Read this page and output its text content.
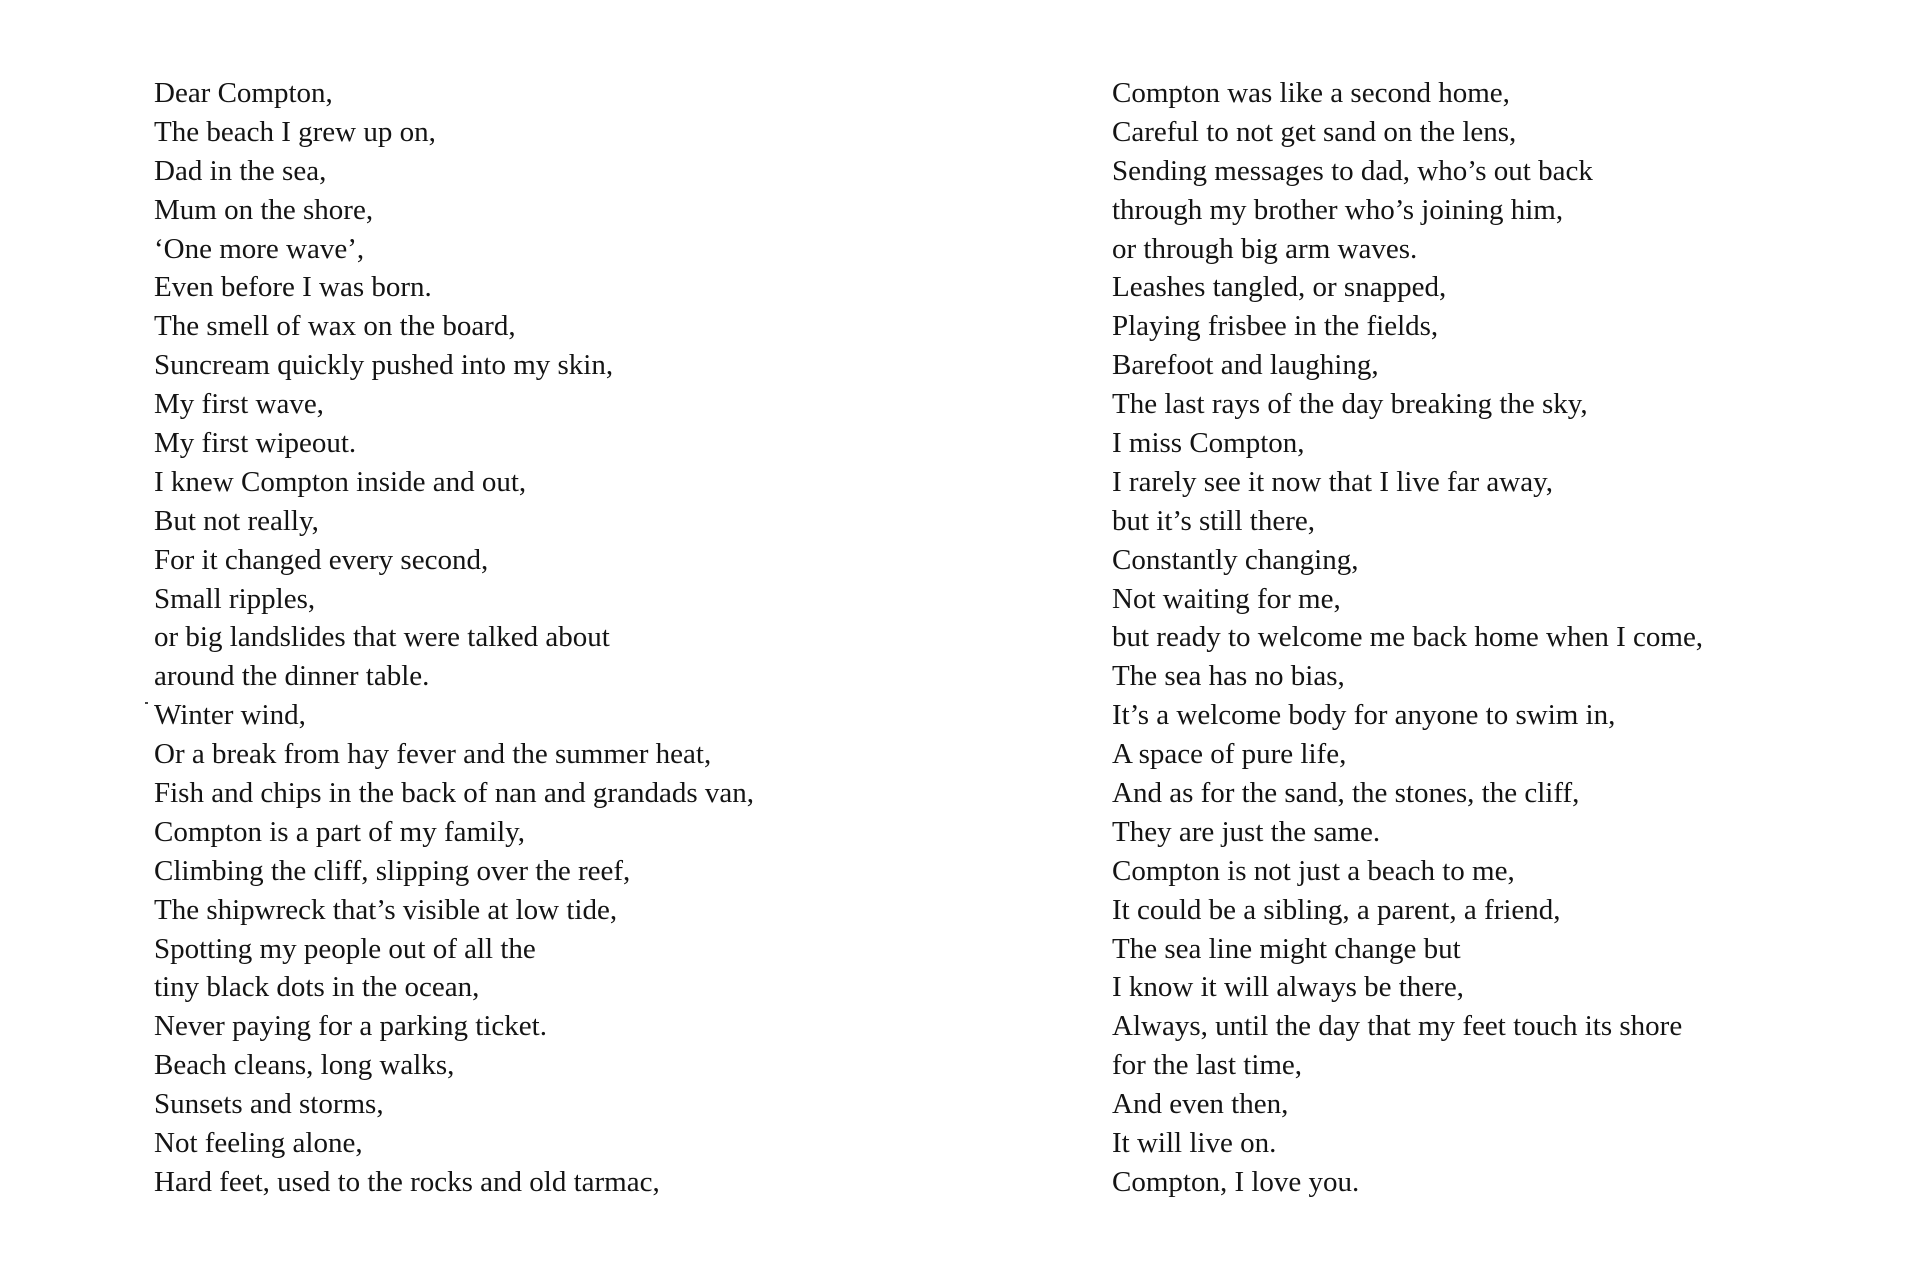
Dear Compton,
The beach I grew up on,
Dad in the sea,
Mum on the shore,
‘One more wave’,
Even before I was born.
The smell of wax on the board,
Suncream quickly pushed into my skin,
My first wave,
My first wipeout.
I knew Compton inside and out,
But not really,
For it changed every second,
Small ripples,
or big landslides that were talked about
around the dinner table.
Winter wind,
Or a break from hay fever and the summer heat,
Fish and chips in the back of nan and grandads van,
Compton is a part of my family,
Climbing the cliff, slipping over the reef,
The shipwreck that’s visible at low tide,
Spotting my people out of all the
tiny black dots in the ocean,
Never paying for a parking ticket.
Beach cleans, long walks,
Sunsets and storms,
Not feeling alone,
Hard feet, used to the rocks and old tarmac,
Compton was like a second home,
Careful to not get sand on the lens,
Sending messages to dad, who’s out back
through my brother who’s joining him,
or through big arm waves.
Leashes tangled, or snapped,
Playing frisbee in the fields,
Barefoot and laughing,
The last rays of the day breaking the sky,
I miss Compton,
I rarely see it now that I live far away,
but it’s still there,
Constantly changing,
Not waiting for me,
but ready to welcome me back home when I come,
The sea has no bias,
It’s a welcome body for anyone to swim in,
A space of pure life,
And as for the sand, the stones, the cliff,
They are just the same.
Compton is not just a beach to me,
It could be a sibling, a parent, a friend,
The sea line might change but
I know it will always be there,
Always, until the day that my feet touch its shore
for the last time,
And even then,
It will live on.
Compton, I love you.
